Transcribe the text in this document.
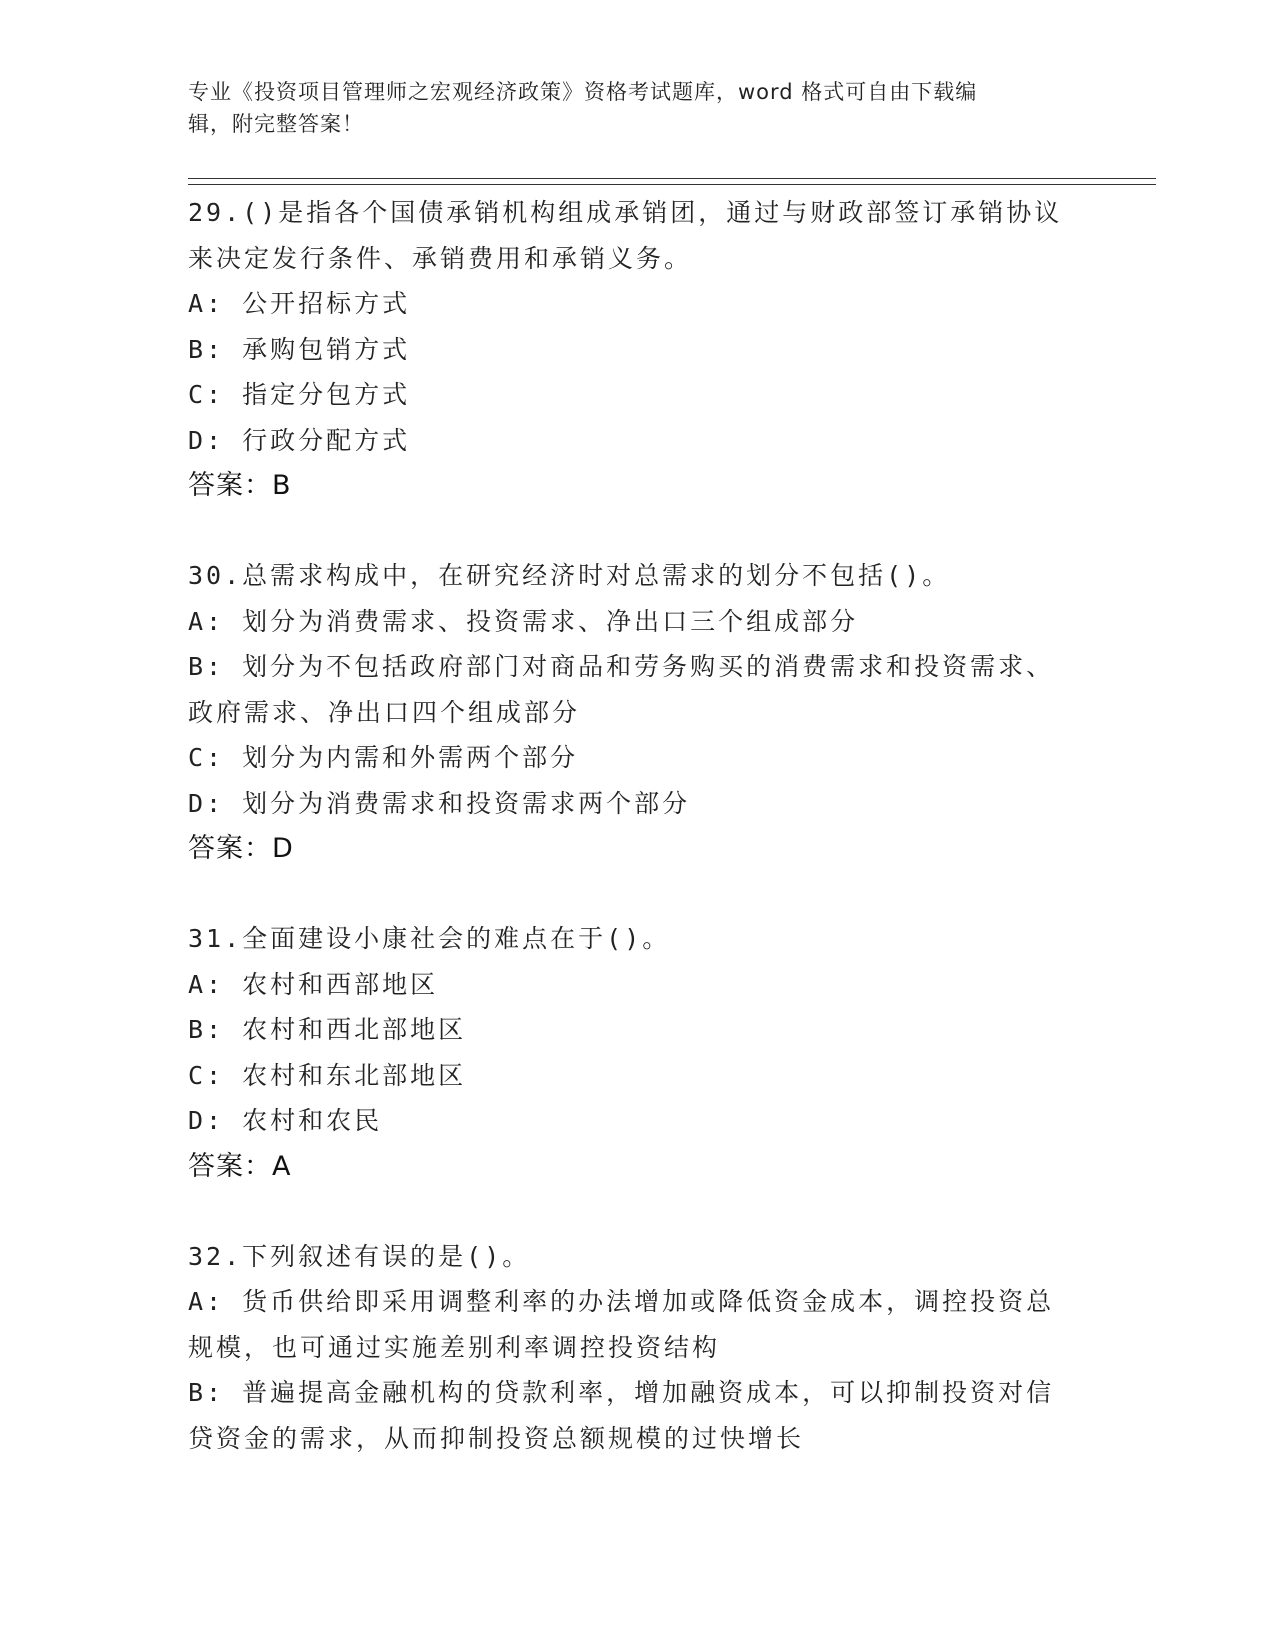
专业《投资项目管理师之宏观经济政策》资格考试题库，word 格式可自由下载编
辑，附完整答案！
29.()是指各个国债承销机构组成承销团，通过与财政部签订承销协议
来决定发行条件、承销费用和承销义务。
A: 公开招标方式
B: 承购包销方式
C: 指定分包方式
D: 行政分配方式
答案：B
30.总需求构成中，在研究经济时对总需求的划分不包括()。
A: 划分为消费需求、投资需求、净出口三个组成部分
B: 划分为不包括政府部门对商品和劳务购买的消费需求和投资需求、
政府需求、净出口四个组成部分
C: 划分为内需和外需两个部分
D: 划分为消费需求和投资需求两个部分
答案：D
31.全面建设小康社会的难点在于()。
A: 农村和西部地区
B: 农村和西北部地区
C: 农村和东北部地区
D: 农村和农民
答案：A
32.下列叙述有误的是()。
A: 货币供给即采用调整利率的办法增加或降低资金成本，调控投资总
规模，也可通过实施差别利率调控投资结构
B: 普遍提高金融机构的贷款利率，增加融资成本，可以抑制投资对信
贷资金的需求，从而抑制投资总额规模的过快增长
